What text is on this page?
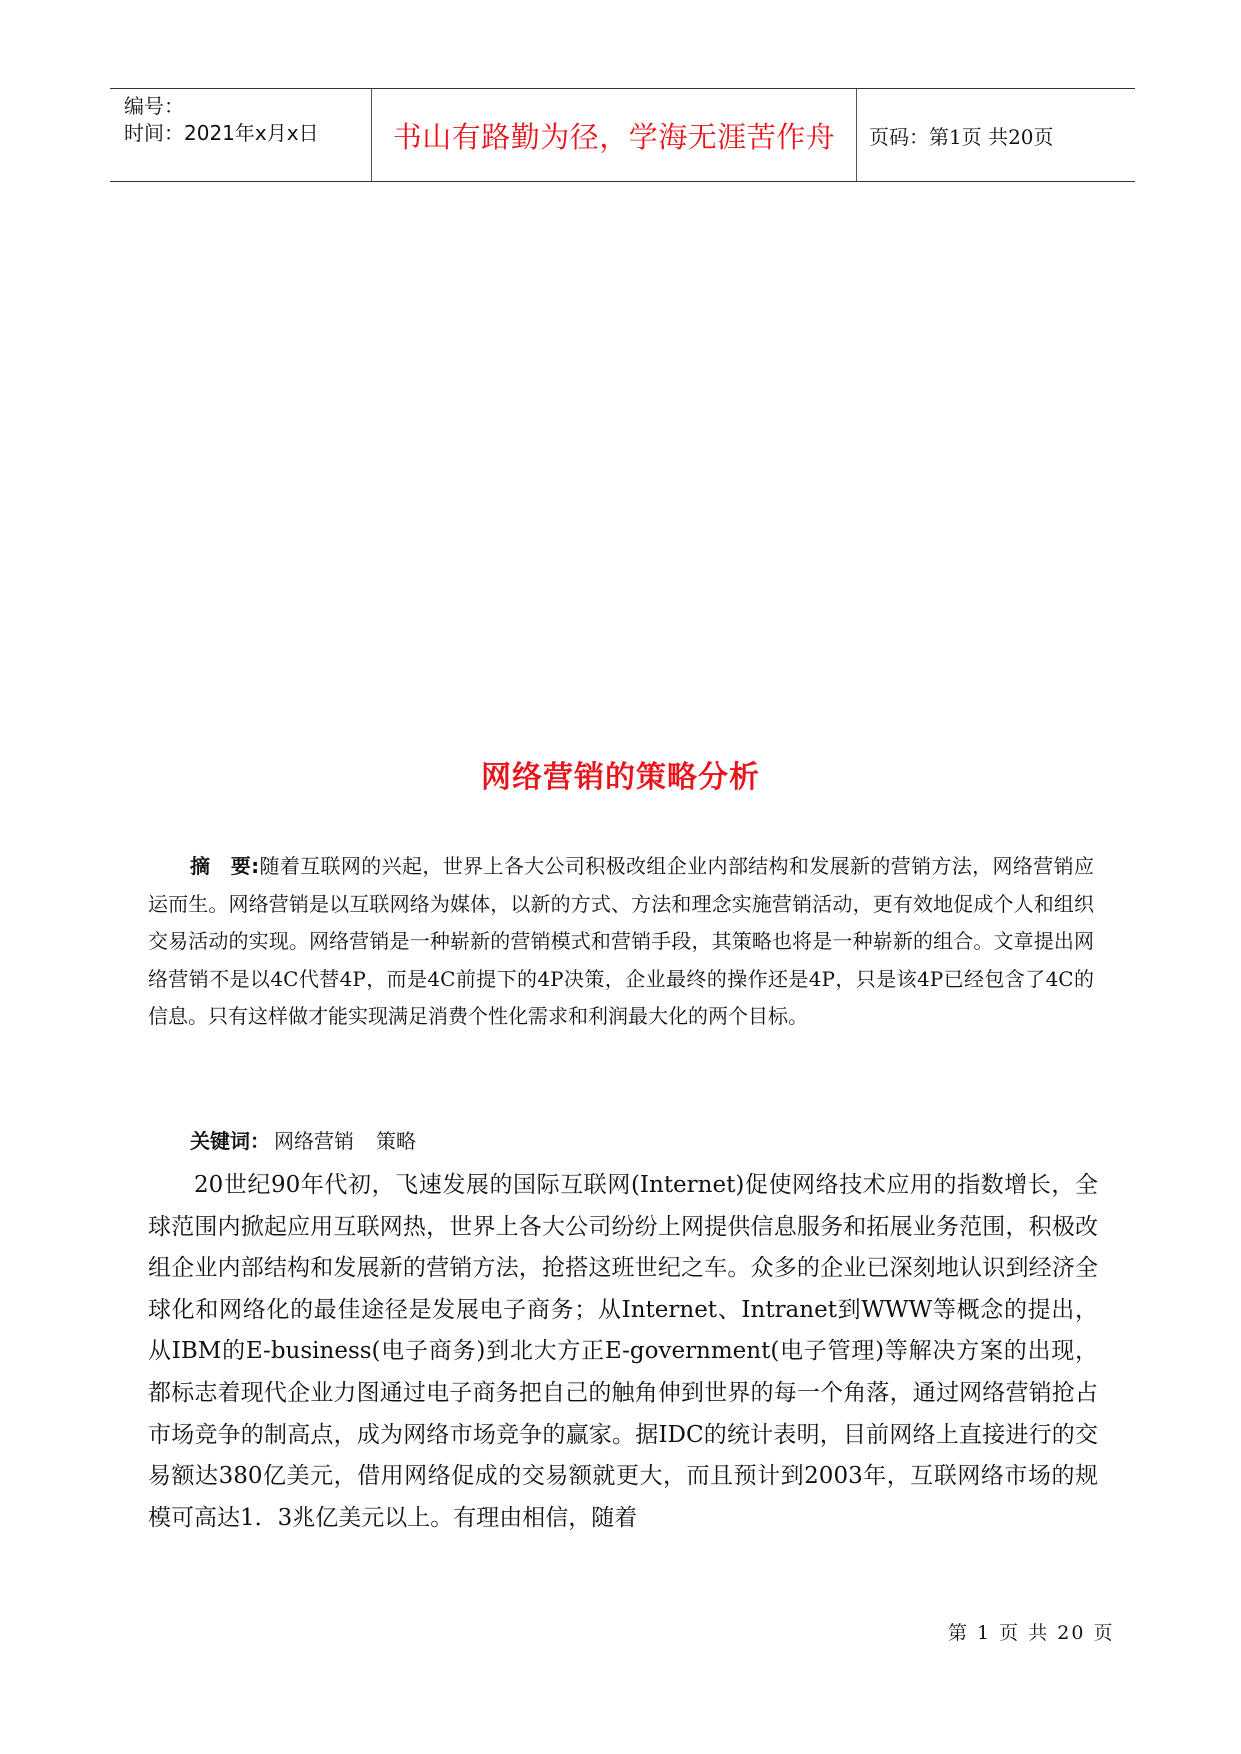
编号：
时间：2021年x月x日	书山有路勤为径，学海无涯苦作舟 页码：第1页 共20页
网络营销的策略分析
摘　要:随着互联网的兴起，世界上各大公司积极改组企业内部结构和发展新的营销方法，网络营销应运而生。网络营销是以互联网络为媒体，以新的方式、方法和理念实施营销活动，更有效地促成个人和组织交易活动的实现。网络营销是一种崭新的营销模式和营销手段，其策略也将是一种崭新的组合。文章提出网络营销不是以4C代替4P，而是4C前提下的4P决策，企业最终的操作还是4P，只是该4P已经包含了4C的信息。只有这样做才能实现满足消费个性化需求和利润最大化的两个目标。
关键词： 网络营销 策略
20世纪90年代初，飞速发展的国际互联网(Internet)促使网络技术应用的指数增长，全球范围内掀起应用互联网热，世界上各大公司纷纷上网提供信息服务和拓展业务范围，积极改组企业内部结构和发展新的营销方法，抢搭这班世纪之车。众多的企业已深刻地认识到经济全球化和网络化的最佳途径是发展电子商务；从Internet、Intranet到WWW等概念的提出，从IBM的E-business(电子商务)到北大方正E-government(电子管理)等解决方案的出现，都标志着现代企业力图通过电子商务把自己的触角伸到世界的每一个角落，通过网络营销抢占市场竞争的制高点，成为网络市场竞争的赢家。据IDC的统计表明，目前网络上直接进行的交易额达380亿美元，借用网络促成的交易额就更大，而且预计到2003年，互联网络市场的规模可高达1．3兆亿美元以上。有理由相信，随着
第 1 页 共 20 页
